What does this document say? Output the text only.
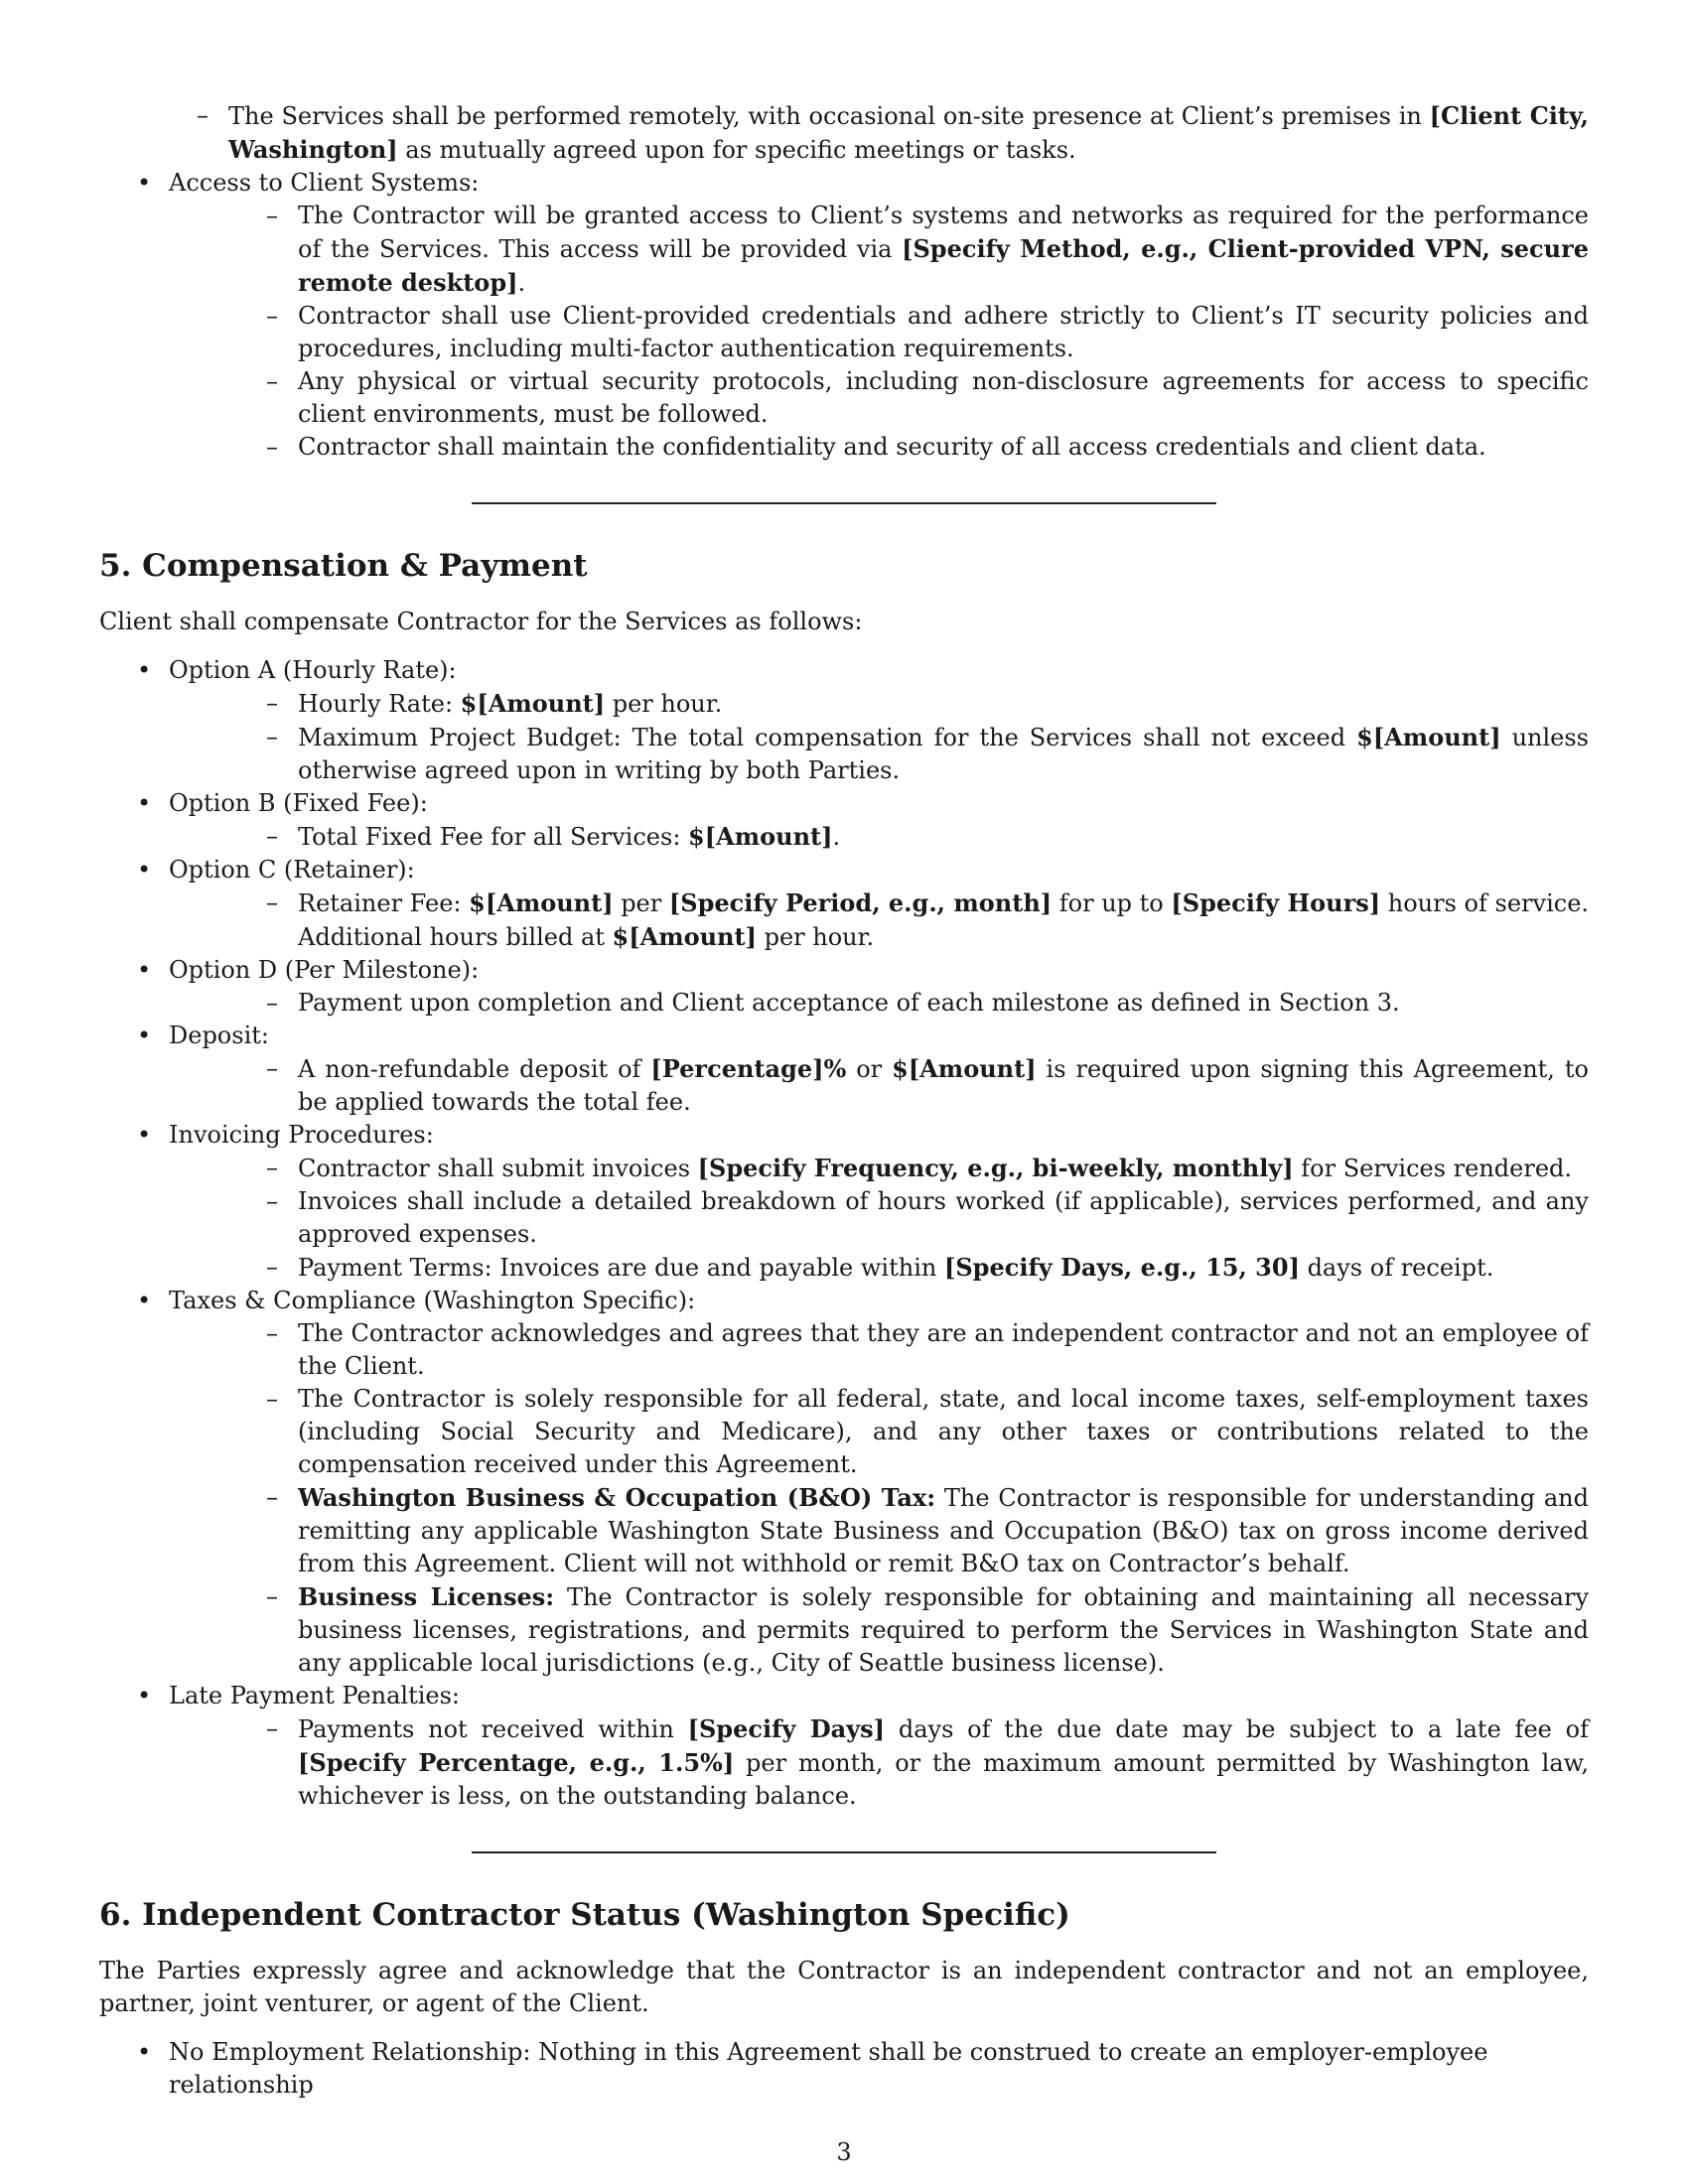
– The Services shall be performed remotely, with occasional on-site presence at Client’s premises in [Client City, Washington] as mutually agreed upon for specific meetings or tasks.
• Access to Client Systems:
– The Contractor will be granted access to Client’s systems and networks as required for the performance of the Services. This access will be provided via [Specify Method, e.g., Client-provided VPN, secure remote desktop].
– Contractor shall use Client-provided credentials and adhere strictly to Client’s IT security policies and procedures, including multi-factor authentication requirements.
– Any physical or virtual security protocols, including non-disclosure agreements for access to specific client environments, must be followed.
– Contractor shall maintain the confidentiality and security of all access credentials and client data.
5. Compensation & Payment

Client shall compensate Contractor for the Services as follows:

• Option A (Hourly Rate):
– Hourly Rate: $[Amount] per hour.
– Maximum Project Budget: The total compensation for the Services shall not exceed $[Amount] unless otherwise agreed upon in writing by both Parties.
• Option B (Fixed Fee):
– Total Fixed Fee for all Services: $[Amount].
• Option C (Retainer):
– Retainer Fee: $[Amount] per [Specify Period, e.g., month] for up to [Specify Hours] hours of service. Additional hours billed at $[Amount] per hour.
• Option D (Per Milestone):
– Payment upon completion and Client acceptance of each milestone as defined in Section 3.
• Deposit:
– A non-refundable deposit of [Percentage]% or $[Amount] is required upon signing this Agreement, to be applied towards the total fee.
• Invoicing Procedures:
– Contractor shall submit invoices [Specify Frequency, e.g., bi-weekly, monthly] for Services rendered.
– Invoices shall include a detailed breakdown of hours worked (if applicable), services performed, and any approved expenses.
– Payment Terms: Invoices are due and payable within [Specify Days, e.g., 15, 30] days of receipt.
• Taxes & Compliance (Washington Specific):
– The Contractor acknowledges and agrees that they are an independent contractor and not an employee of the Client.
– The Contractor is solely responsible for all federal, state, and local income taxes, self-employment taxes (including Social Security and Medicare), and any other taxes or contributions related to the compensation received under this Agreement.
– Washington Business & Occupation (B&O) Tax: The Contractor is responsible for understanding and remitting any applicable Washington State Business and Occupation (B&O) tax on gross income derived from this Agreement. Client will not withhold or remit B&O tax on Contractor’s behalf.
– Business Licenses: The Contractor is solely responsible for obtaining and maintaining all necessary business licenses, registrations, and permits required to perform the Services in Washington State and any applicable local jurisdictions (e.g., City of Seattle business license).
• Late Payment Penalties:
– Payments not received within [Specify Days] days of the due date may be subject to a late fee of [Specify Percentage, e.g., 1.5%] per month, or the maximum amount permitted by Washington law, whichever is less, on the outstanding balance.
6. Independent Contractor Status (Washington Specific)

The Parties expressly agree and acknowledge that the Contractor is an independent contractor and not an employee, partner, joint venturer, or agent of the Client.

• No Employment Relationship: Nothing in this Agreement shall be construed to create an employer-employee relationship
3
